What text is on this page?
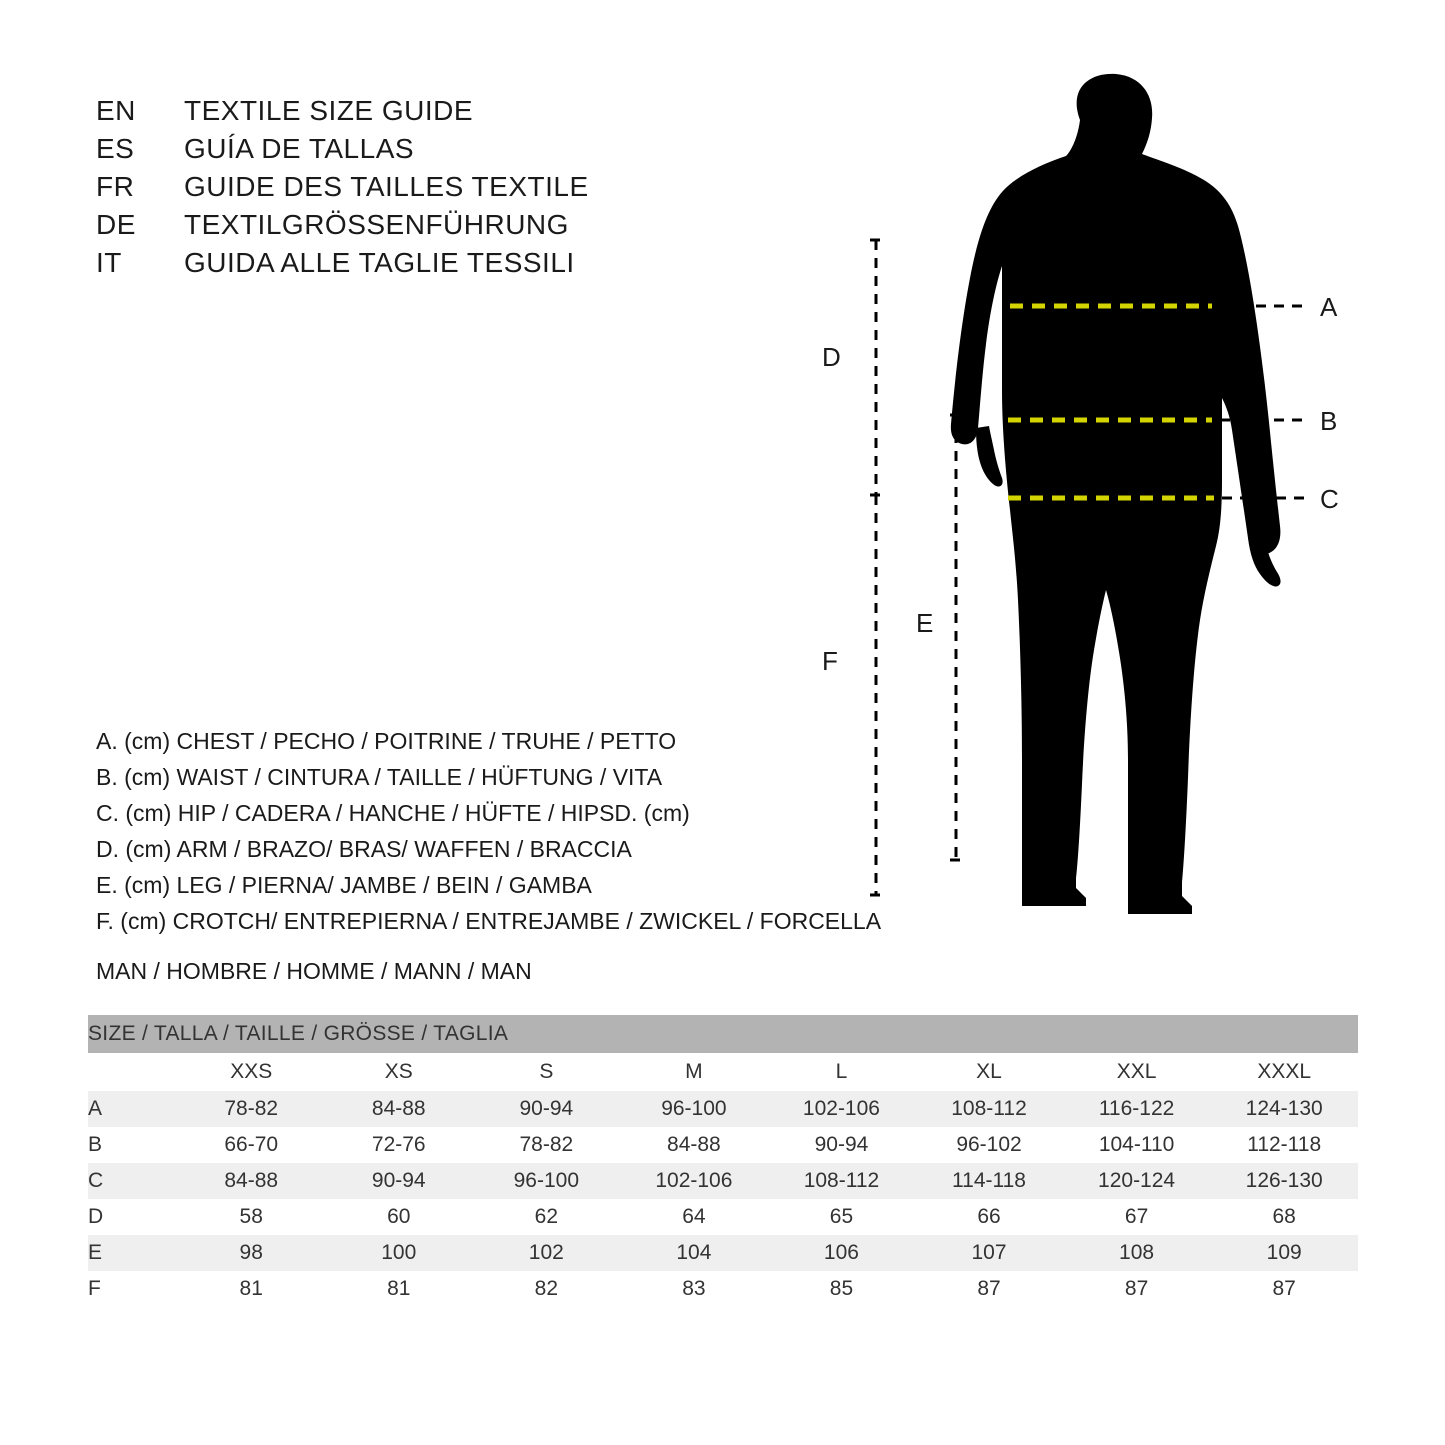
EN	TEXTILE SIZE GUIDE
ES	GUÍA DE TALLAS
FR	GUIDE DES TAILLES TEXTILE
DE	TEXTILGRÖSSENFÜHRUNG
IT	GUIDA ALLE TAGLIE TESSILI
A
B
C
D
F
E
A. (cm) CHEST / PECHO / POITRINE / TRUHE / PETTO
B. (cm) WAIST / CINTURA / TAILLE / HÜFTUNG / VITA
C. (cm) HIP / CADERA / HANCHE / HÜFTE / HIPSD. (cm)
D. (cm) ARM / BRAZO/ BRAS/ WAFFEN / BRACCIA
E. (cm) LEG / PIERNA/ JAMBE / BEIN / GAMBA
F. (cm) CROTCH/ ENTREPIERNA / ENTREJAMBE / ZWICKEL / FORCELLA
MAN / HOMBRE / HOMME / MANN / MAN
SIZE / TALLA / TAILLE / GRÖSSE / TAGLIA								
	XXS	XS	S	M	L	XL	XXL	XXXL
A	78-82	84-88	90-94	96-100	102-106	108-112	116-122	124-130
B	66-70	72-76	78-82	84-88	90-94	96-102	104-110	112-118
C	84-88	90-94	96-100	102-106	108-112	114-118	120-124	126-130
D	58	60	62	64	65	66	67	68
E	98	100	102	104	106	107	108	109
F	81	81	82	83	85	87	87	87
